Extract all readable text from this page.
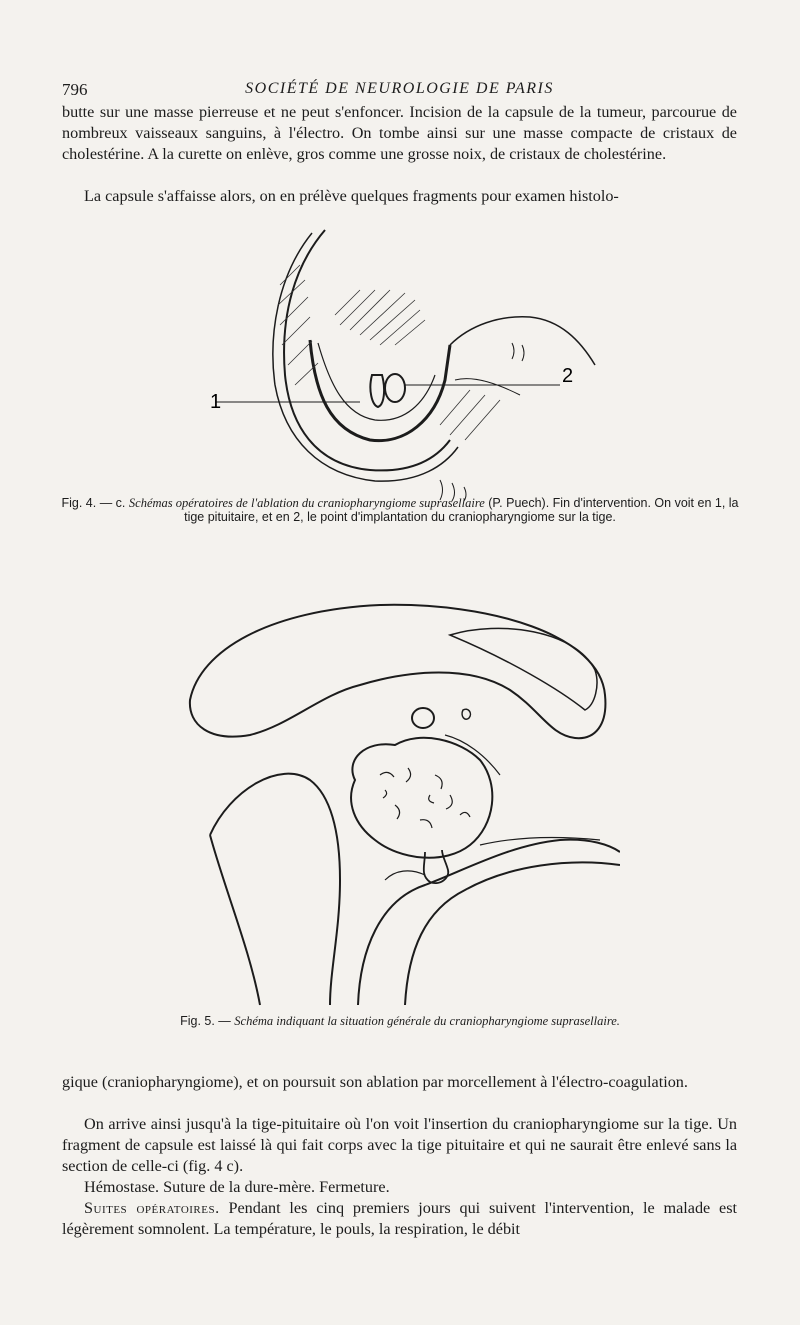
796	SOCIÉTÉ DE NEUROLOGIE DE PARIS

butte sur une masse pierreuse et ne peut s'enfoncer. Incision de la capsule de la tumeur, parcourue de nombreux vaisseaux sanguins, à l'électro. On tombe ainsi sur une masse compacte de cristaux de cholestérine. A la curette on enlève, gros comme une grosse noix, de cristaux de cholestérine.

La capsule s'affaisse alors, on en prélève quelques fragments pour examen histolo-

1
2
Fig. 4. — c. Schémas opératoires de l'ablation du craniopharyngiome suprasellaire (P. Puech). Fin d'intervention. On voit en 1, la tige pituitaire, et en 2, le point d'implantation du craniopharyngiome sur la tige.
Fig. 5. — Schéma indiquant la situation générale du craniopharyngiome suprasellaire.

gique (craniopharyngiome), et on poursuit son ablation par morcellement à l'électro-coagulation.

On arrive ainsi jusqu'à la tige-pituitaire où l'on voit l'insertion du craniopharyngiome sur la tige. Un fragment de capsule est laissé là qui fait corps avec la tige pituitaire et qui ne saurait être enlevé sans la section de celle-ci (fig. 4 c).

Hémostase. Suture de la dure-mère. Fermeture.

Suites opératoires. Pendant les cinq premiers jours qui suivent l'intervention, le malade est légèrement somnolent. La température, le pouls, la respiration, le débit
